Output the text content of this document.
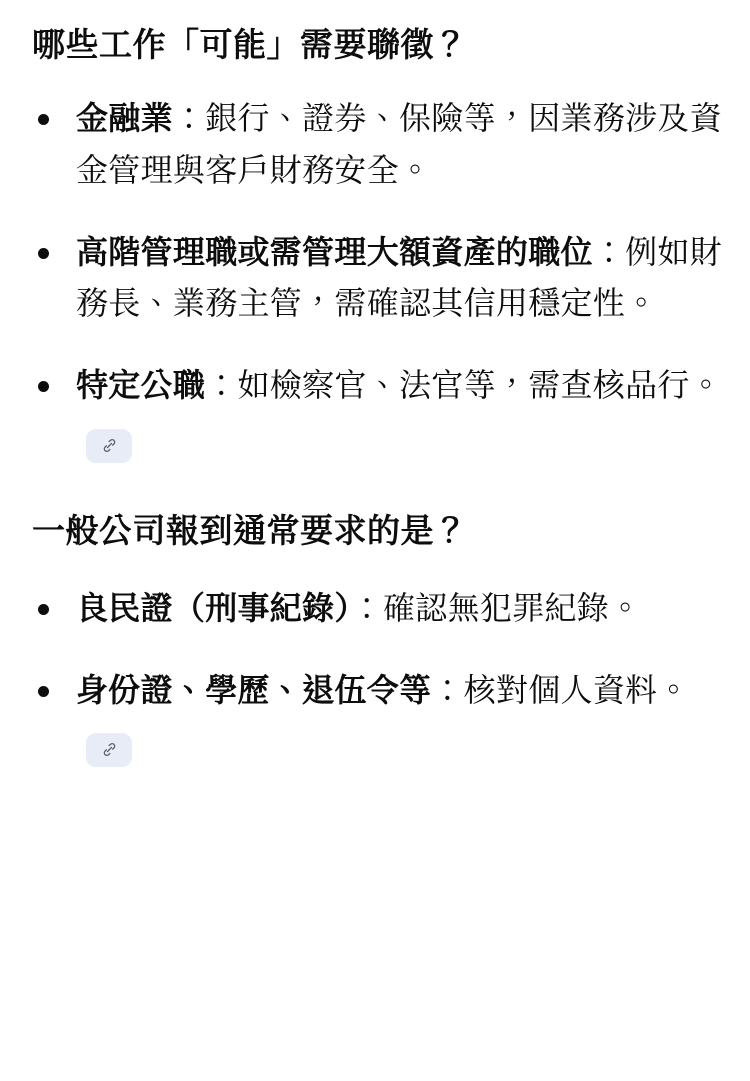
哪些工作「可能」需要聯徵？
金融業：銀行、證券、保險等，因業務涉及資金管理與客戶財務安全。
高階管理職或需管理大額資產的職位：例如財務長、業務主管，需確認其信用穩定性。
特定公職：如檢察官、法官等，需查核品行。
一般公司報到通常要求的是？
良民證（刑事紀錄）：確認無犯罪紀錄。
身份證、學歷、退伍令等：核對個人資料。
